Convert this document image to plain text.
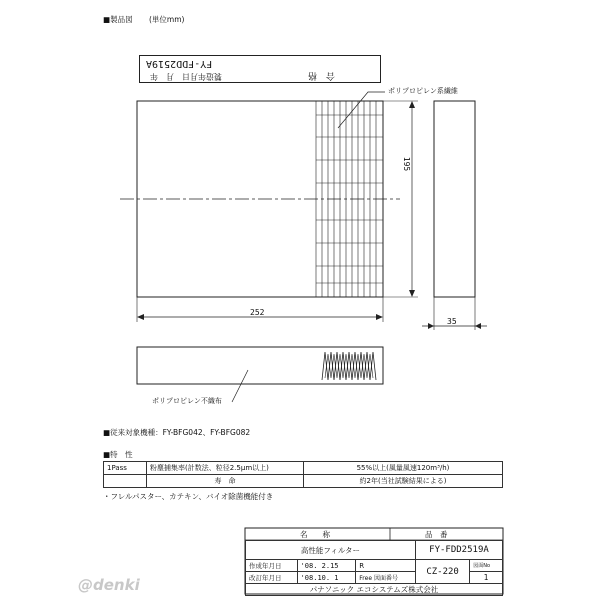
■製品図 (単位mm)
FY-FDD2519A
合　格
製造年月日　月　年
ポリプロピレン系繊維
ポリプロピレン不織布
195
252
35
■従来対象機種：FY-BFG042、FY-BFG082
■特　性
1Pass	粉塵捕集率(計数法、粒径2.5μm以上)	55%以上(風量風速120m³/h)
	寿　命	約2年(当社試験結果による)
・フレルパスター、カテキン、バイオ除菌機能付き
名　　称	品　番
高性能フィルター			FY-FDD2519A	
作成年月日	'08. 2.15	R	CZ-220	図面No
改訂年月日	'08.10. 1	Free 図面番号		1
パナソニック エコシステムズ株式会社				
@denki
